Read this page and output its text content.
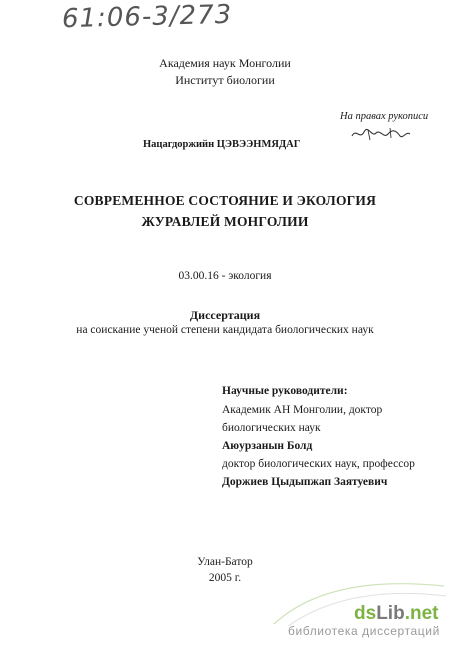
61:06-3/273
Академия наук Монголии
Институт биологии
На правах рукописи
Нацагдоржийн ЦЭВЭЭНМЯДАГ
СОВРЕМЕННОЕ СОСТОЯНИЕ И ЭКОЛОГИЯ
ЖУРАВЛЕЙ МОНГОЛИИ
03.00.16 - экология
Диссертация
на соискание ученой степени кандидата биологических наук
Научные руководители:
Академик АН Монголии, доктор
биологических наук
Аюурзанын Болд
доктор биологических наук, профессор
Доржиев Цыдыпжап Заятуевич
Улан-Батор
2005 г.
dsLib.net
библиотека диссертаций
